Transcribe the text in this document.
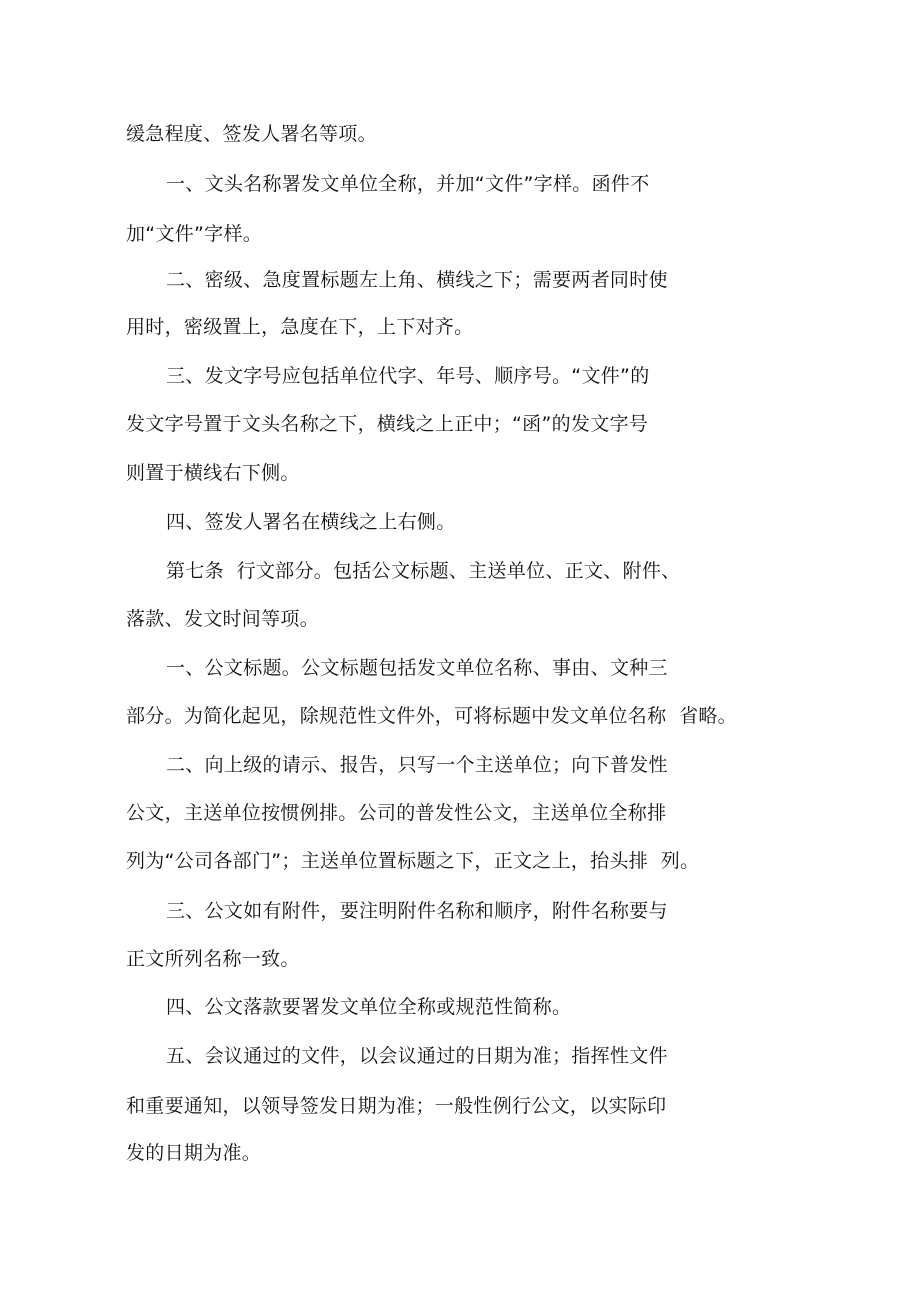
缓急程度、签发人署名等项。
一、文头名称署发文单位全称，并加“文件”字样。函件不
加“文件”字样。
二、密级、急度置标题左上角、横线之下；需要两者同时使
用时，密级置上，急度在下，上下对齐。
三、发文字号应包括单位代字、年号、顺序号。“文件”的
发文字号置于文头名称之下，横线之上正中；“函”的发文字号
则置于横线右下侧。
四、签发人署名在横线之上右侧。
第七条  行文部分。包括公文标题、主送单位、正文、附件、
落款、发文时间等项。
一、公文标题。公文标题包括发文单位名称、事由、文种三
部分。为简化起见，除规范性文件外，可将标题中发文单位名称  省略。
二、向上级的请示、报告，只写一个主送单位；向下普发性
公文，主送单位按惯例排。公司的普发性公文，主送单位全称排
列为“公司各部门”；主送单位置标题之下，正文之上，抬头排  列。
三、公文如有附件，要注明附件名称和顺序，附件名称要与
正文所列名称一致。
四、公文落款要署发文单位全称或规范性简称。
五、会议通过的文件，以会议通过的日期为准；指挥性文件
和重要通知，以领导签发日期为准；一般性例行公文，以实际印
发的日期为准。
